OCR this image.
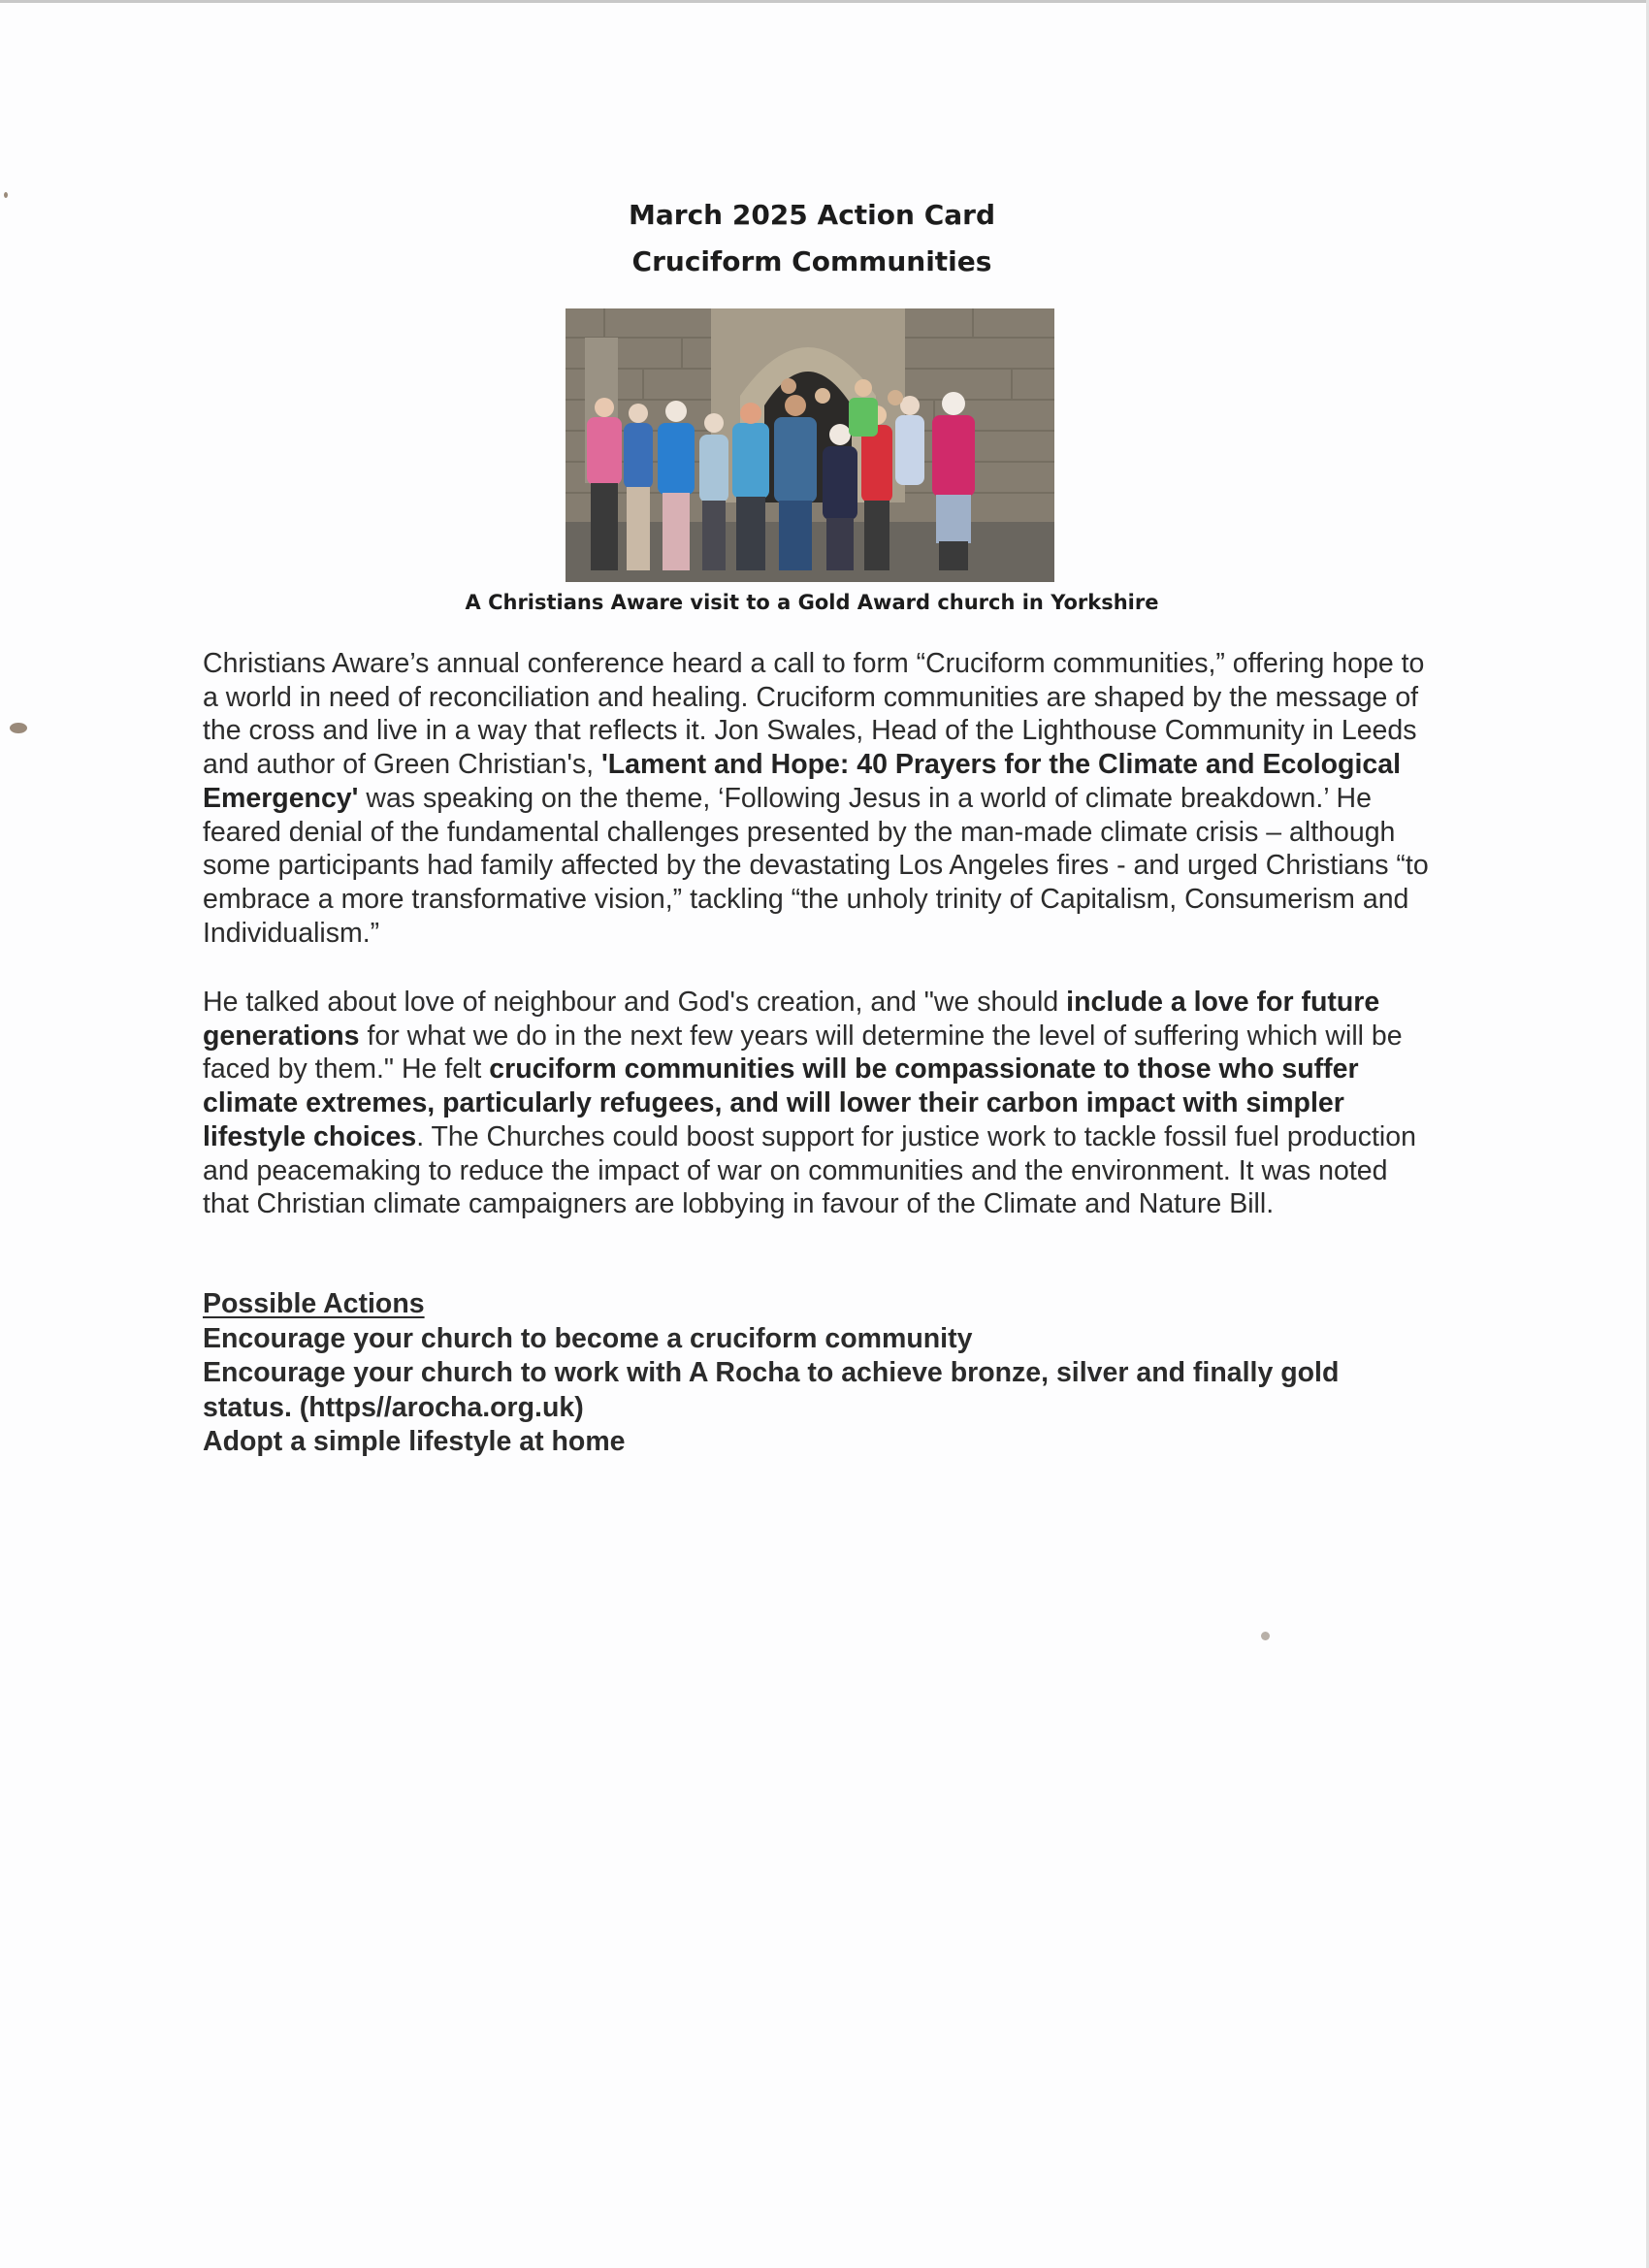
March 2025 Action Card
Cruciform Communities
A Christians Aware visit to a Gold Award church in Yorkshire
Christians Aware’s annual conference heard a call to form “Cruciform communities,” offering hope to a world in need of reconciliation and healing. Cruciform communities are shaped by the message of the cross and live in a way that reflects it. Jon Swales, Head of the Lighthouse Community in Leeds and author of Green Christian's, 'Lament and Hope: 40 Prayers for the Climate and Ecological Emergency' was speaking on the theme, ‘Following Jesus in a world of climate breakdown.’ He feared denial of the fundamental challenges presented by the man-made climate crisis – although some participants had family affected by the devastating Los Angeles fires - and urged Christians “to embrace a more transformative vision,” tackling “the unholy trinity of Capitalism, Consumerism and Individualism.”
He talked about love of neighbour and God's creation, and "we should include a love for future generations for what we do in the next few years will determine the level of suffering which will be faced by them." He felt cruciform communities will be compassionate to those who suffer climate extremes, particularly refugees, and will lower their carbon impact with simpler lifestyle choices. The Churches could boost support for justice work to tackle fossil fuel production and peacemaking to reduce the impact of war on communities and the environment. It was noted that Christian climate campaigners are lobbying in favour of the Climate and Nature Bill.
Possible Actions
Encourage your church to become a cruciform community
Encourage your church to work with A Rocha to achieve bronze, silver and finally gold status. (https//arocha.org.uk)
Adopt a simple lifestyle at home
